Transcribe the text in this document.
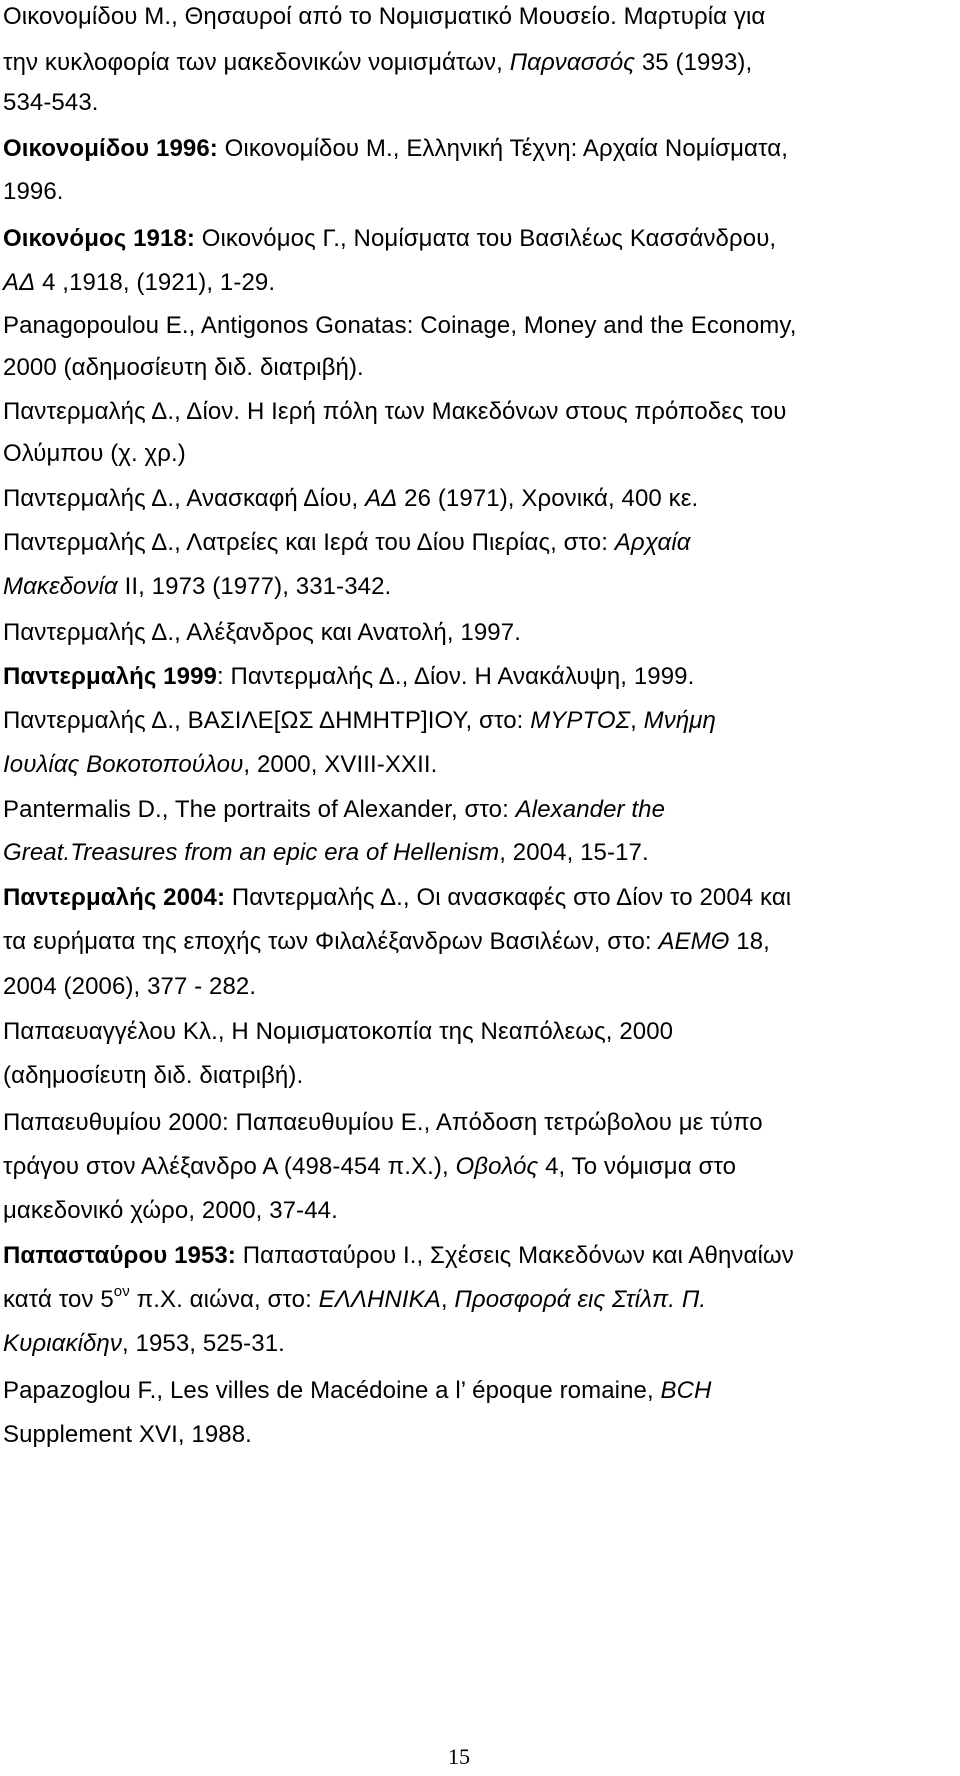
Οικονομίδου Μ., Θησαυροί από το Νομισματικό Μουσείο. Μαρτυρία για
την κυκλοφορία των μακεδονικών νομισμάτων, Παρνασσός 35 (1993),
534-543.
Οικονομίδου 1996: Οικονομίδου Μ., Ελληνική Τέχνη: Αρχαία Νομίσματα,
1996.
Οικονόμος 1918: Οικονόμος Γ., Νομίσματα του Βασιλέως Κασσάνδρου,
ΑΔ 4 ,1918, (1921), 1-29.
Panagopoulou E., Antigonos Gonatas: Coinage, Money and the Economy,
2000 (αδημοσίευτη διδ. διατριβή).
Παντερμαλής Δ., Δίον. Η Ιερή πόλη των Μακεδόνων στους πρόποδες του
Ολύμπου (χ. χρ.)
Παντερμαλής Δ., Ανασκαφή Δίου, ΑΔ 26 (1971), Χρονικά, 400 κε.
Παντερμαλής Δ., Λατρείες και Ιερά του Δίου Πιερίας, στο: Αρχαία
Μακεδονία ΙΙ, 1973 (1977), 331-342.
Παντερμαλής Δ., Αλέξανδρος και Ανατολή, 1997.
Παντερμαλής 1999: Παντερμαλής Δ., Δίον. Η Ανακάλυψη, 1999.
Παντερμαλής Δ., ΒΑΣΙΛΕ[ΩΣ ΔΗΜΗΤΡ]ΙΟΥ, στο: ΜΥΡΤΟΣ, Μνήμη
Ιουλίας Βοκοτοπούλου, 2000, XVIII-XXII.
Pantermalis D., The portraits of Alexander, στο: Alexander the
Great.Treasures from an epic era of Hellenism, 2004, 15-17.
Παντερμαλής 2004: Παντερμαλής Δ., Οι ανασκαφές στο Δίον το 2004 και
τα ευρήματα της εποχής των Φιλαλέξανδρων Βασιλέων, στο: ΑΕΜΘ 18,
2004 (2006), 377 - 282.
Παπαευαγγέλου Κλ., Η Νομισματοκοπία της Νεαπόλεως, 2000
(αδημοσίευτη διδ. διατριβή).
Παπαευθυμίου 2000: Παπαευθυμίου Ε., Απόδοση τετρώβολου με τύπο
τράγου στον Αλέξανδρο Α (498-454 π.Χ.), Οβολός 4, Το νόμισμα στο
μακεδονικό χώρο, 2000, 37-44.
Παπασταύρου 1953: Παπασταύρου Ι., Σχέσεις Μακεδόνων και Αθηναίων
κατά τον $5^{o\nu}$ π.Χ. αιώνα, στο: ΕΛΛΗΝΙΚΑ, Προσφορά εις Στίλπ. Π.
Κυριακίδην, 1953, 525-31.
Papazoglou F., Les villes de Macédoine a l’ époque romaine, BCH
Supplement XVI, 1988.
15
